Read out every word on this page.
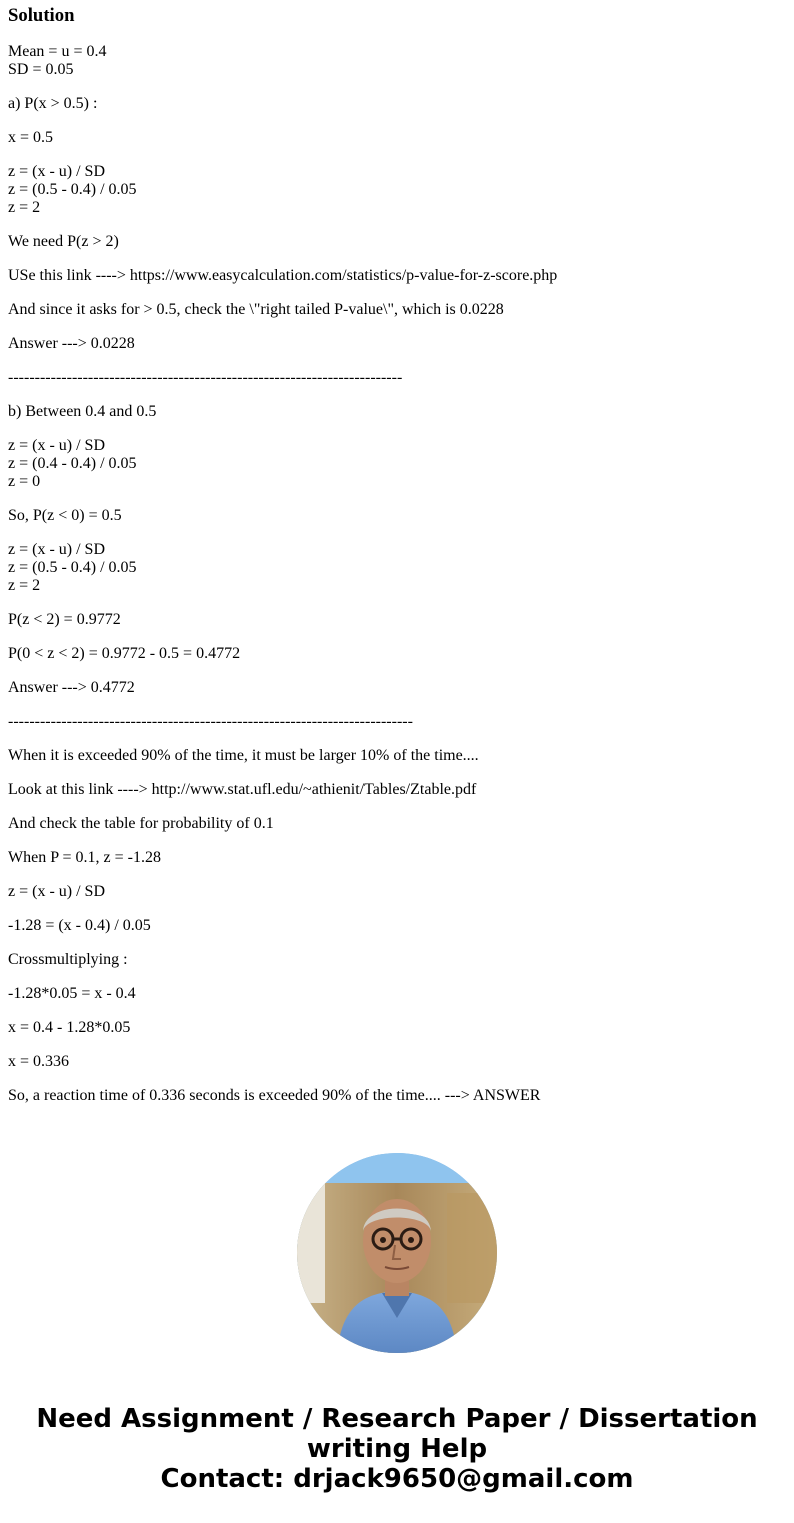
Solution
Mean = u = 0.4
SD = 0.05
a) P(x > 0.5) :
x = 0.5
z = (x - u) / SD
z = (0.5 - 0.4) / 0.05
z = 2
We need P(z > 2)
USe this link ----> https://www.easycalculation.com/statistics/p-value-for-z-score.php
And since it asks for > 0.5, check the \"right tailed P-value\", which is 0.0228
Answer ---> 0.0228
--------------------------------------------------------------------------
b) Between 0.4 and 0.5
z = (x - u) / SD
z = (0.4 - 0.4) / 0.05
z = 0
So, P(z < 0) = 0.5
z = (x - u) / SD
z = (0.5 - 0.4) / 0.05
z = 2
P(z < 2) = 0.9772
P(0 < z < 2) = 0.9772 - 0.5 = 0.4772
Answer ---> 0.4772
----------------------------------------------------------------------------
When it is exceeded 90% of the time, it must be larger 10% of the time....
Look at this link ----> http://www.stat.ufl.edu/~athienit/Tables/Ztable.pdf
And check the table for probability of 0.1
When P = 0.1, z = -1.28
z = (x - u) / SD
-1.28 = (x - 0.4) / 0.05
Crossmultiplying :
-1.28*0.05 = x - 0.4
x = 0.4 - 1.28*0.05
x = 0.336
So, a reaction time of 0.336 seconds is exceeded 90% of the time.... ---> ANSWER
Need Assignment / Research Paper / Dissertation
writing Help
Contact: drjack9650@gmail.com
